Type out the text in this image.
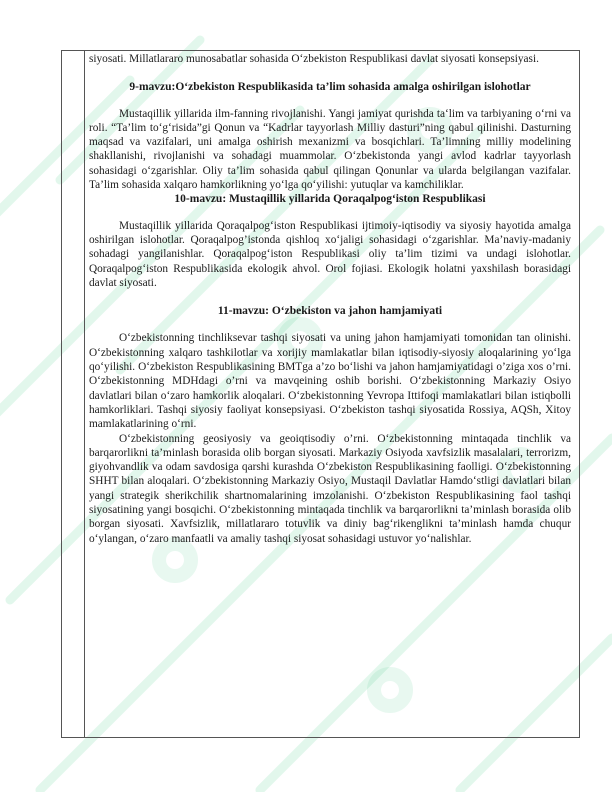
siyosati. Millatlararo munosabatlar sohasida O‘zbekiston Respublikasi davlat siyosati konsepsiyasi.

9-mavzu:O‘zbekiston Respublikasida ta’lim sohasida amalga oshirilgan islohotlar

Mustaqillik yillarida ilm-fanning rivojlanishi. Yangi jamiyat qurishda ta‘lim va tarbiyaning o‘rni va roli. “Ta’lim to‘g‘risida”gi Qonun va “Kadrlar tayyorlash Milliy dasturi”ning qabul qilinishi. Dasturning maqsad va vazifalari, uni amalga oshirish mexanizmi va bosqichlari. Ta’limning milliy modelining shakllanishi, rivojlanishi va sohadagi muammolar. O‘zbekistonda yangi avlod kadrlar tayyorlash sohasidagi o‘zgarishlar. Oliy ta’lim sohasida qabul qilingan Qonunlar va ularda belgilangan vazifalar. Ta’lim sohasida xalqaro hamkorlikning yo‘lga qo‘yilishi: yutuqlar va kamchiliklar.

10-mavzu: Mustaqillik yillarida Qoraqalpog‘iston Respublikasi

Mustaqillik yillarida Qoraqalpog‘iston Respublikasi ijtimoiy-iqtisodiy va siyosiy hayotida amalga oshirilgan islohotlar. Qoraqalpog’istonda qishloq xo‘jaligi sohasidagi o‘zgarishlar. Ma’naviy-madaniy sohadagi yangilanishlar. Qoraqalpog‘iston Respublikasi oliy ta’lim tizimi va undagi islohotlar. Qoraqalpog‘iston Respublikasida ekologik ahvol. Orol fojiasi. Ekologik holatni yaxshilash borasidagi davlat siyosati.

11-mavzu: O‘zbekiston va jahon hamjamiyati

O‘zbekistonning tinchliksevar tashqi siyosati va uning jahon hamjamiyati tomonidan tan olinishi. O‘zbekistonning xalqaro tashkilotlar va xorijiy mamlakatlar bilan iqtisodiy-siyosiy aloqalarining yo‘lga qo‘yilishi. O‘zbekiston Respublikasining BMTga a’zo bo‘lishi va jahon hamjamiyatidagi o’ziga xos o’rni. O‘zbekistonning MDHdagi o’rni va mavqeining oshib borishi. O‘zbekistonning Markaziy Osiyo davlatlari bilan o‘zaro hamkorlik aloqalari. O‘zbekistonning Yevropa Ittifoqi mamlakatlari bilan istiqbolli hamkorliklari. Tashqi siyosiy faoliyat konsepsiyasi. O‘zbekiston tashqi siyosatida Rossiya, AQSh, Xitoy mamlakatlarining o‘rni.

O‘zbekistonning geosiyosiy va geoiqtisodiy o’rni. O‘zbekistonning mintaqada tinchlik va barqarorlikni ta’minlash borasida olib borgan siyosati. Markaziy Osiyoda xavfsizlik masalalari, terrorizm, giyohvandlik va odam savdosiga qarshi kurashda O‘zbekiston Respublikasining faolligi. O‘zbekistonning SHHT bilan aloqalari. O‘zbekistonning Markaziy Osiyo, Mustaqil Davlatlar Hamdo‘stligi davlatlari bilan yangi strategik sherikchilik shartnomalarining imzolanishi. O‘zbekiston Respublikasining faol tashqi siyosatining yangi bosqichi. O‘zbekistonning mintaqada tinchlik va barqarorlikni ta’minlash borasida olib borgan siyosati. Xavfsizlik, millatlararo totuvlik va diniy bag‘rikenglikni ta’minlash hamda chuqur o‘ylangan, o‘zaro manfaatli va amaliy tashqi siyosat sohasidagi ustuvor yo‘nalishlar.
